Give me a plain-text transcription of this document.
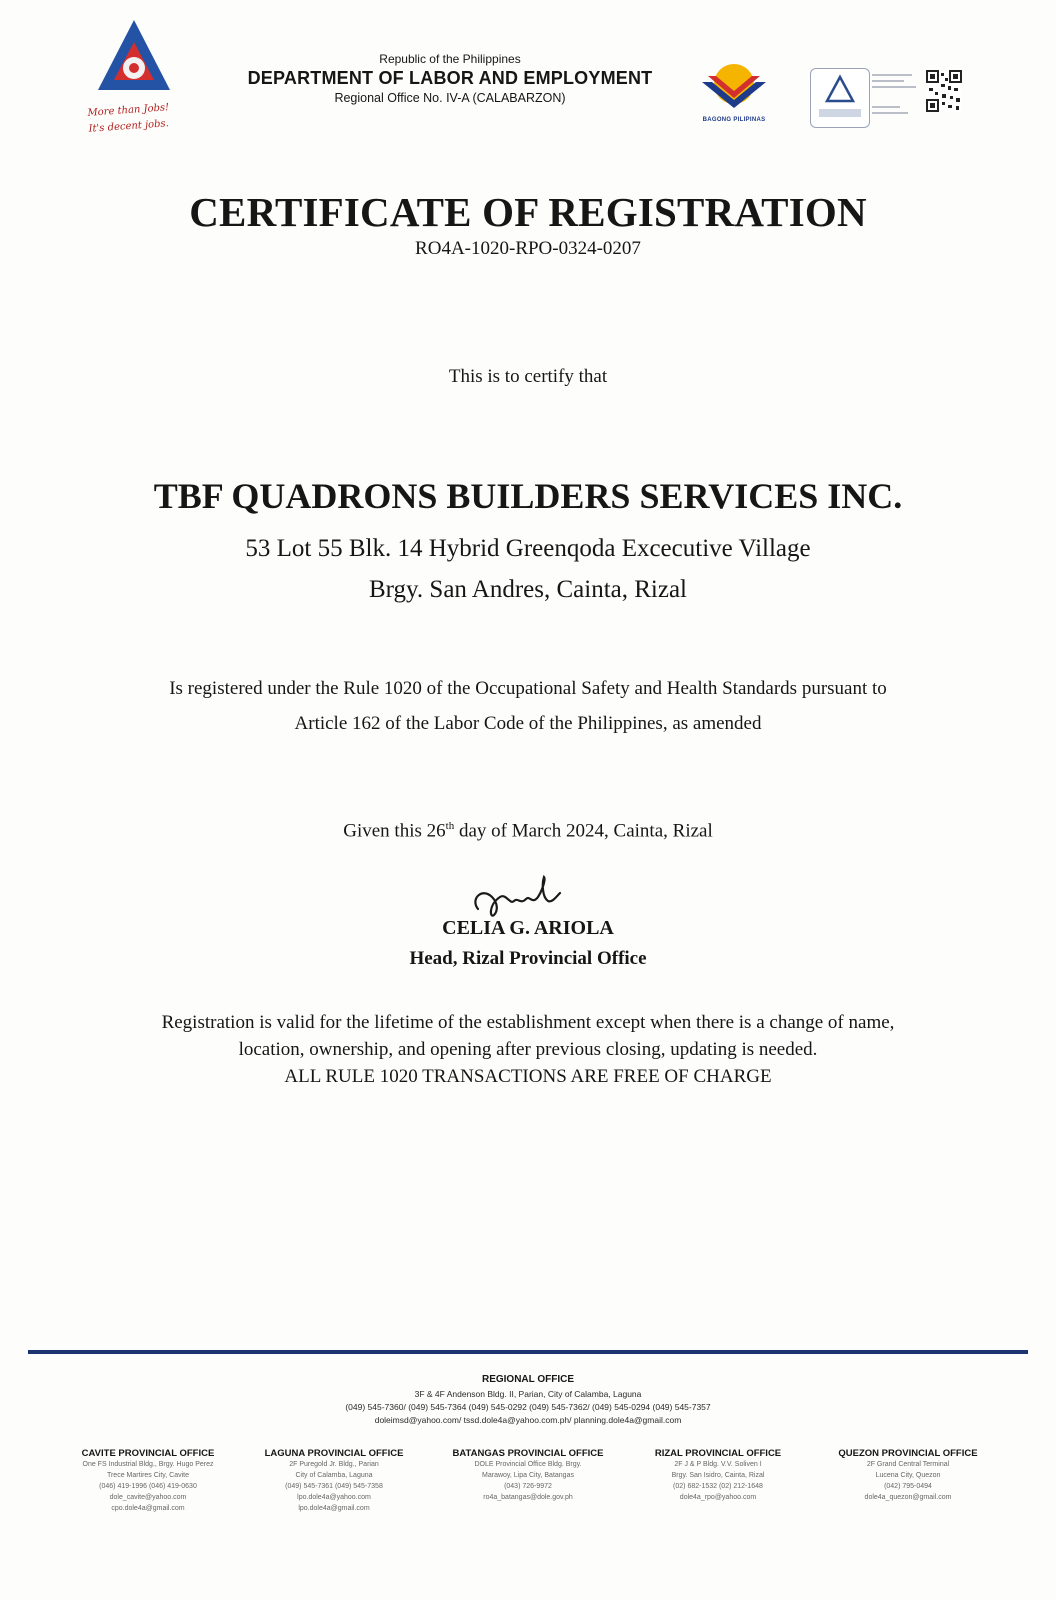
More than Jobs!
It's decent jobs.
Republic of the Philippines
DEPARTMENT OF LABOR AND EMPLOYMENT
Regional Office No. IV-A (CALABARZON)
BAGONG PILIPINAS
CERTIFICATE OF REGISTRATION
RO4A-1020-RPO-0324-0207
This is to certify that
TBF QUADRONS BUILDERS SERVICES INC.
53 Lot 55 Blk. 14 Hybrid Greenqoda Excecutive Village
Brgy. San Andres, Cainta, Rizal
Is registered under the Rule 1020 of the Occupational Safety and Health Standards pursuant to
Article 162 of the Labor Code of the Philippines, as amended
Given this 26th day of March 2024, Cainta, Rizal
CELIA G. ARIOLA
Head, Rizal Provincial Office
Registration is valid for the lifetime of the establishment except when there is a change of name,
location, ownership, and opening after previous closing, updating is needed.
ALL RULE 1020 TRANSACTIONS ARE FREE OF CHARGE
REGIONAL OFFICE
3F & 4F Andenson Bldg. II, Parian, City of Calamba, Laguna
(049) 545-7360/ (049) 545-7364 (049) 545-0292 (049) 545-7362/ (049) 545-0294 (049) 545-7357
doleimsd@yahoo.com/ tssd.dole4a@yahoo.com.ph/ planning.dole4a@gmail.com
CAVITE PROVINCIAL OFFICE
One FS Industrial Bldg., Brgy. Hugo Perez
Trece Martires City, Cavite
(046) 419-1996 (046) 419-0630
dole_cavite@yahoo.com
cpo.dole4a@gmail.com
LAGUNA PROVINCIAL OFFICE
2F Puregold Jr. Bldg., Parian
City of Calamba, Laguna
(049) 545-7361 (049) 545-7358
lpo.dole4a@yahoo.com
lpo.dole4a@gmail.com
BATANGAS PROVINCIAL OFFICE
DOLE Provincial Office Bldg. Brgy.
Marawoy, Lipa City, Batangas
(043) 726-9972
ro4a_batangas@dole.gov.ph
RIZAL PROVINCIAL OFFICE
2F J & P Bldg. V.V. Soliven I
Brgy. San Isidro, Cainta, Rizal
(02) 682-1532 (02) 212-1648
dole4a_rpo@yahoo.com
QUEZON PROVINCIAL OFFICE
2F Grand Central Terminal
Lucena City, Quezon
(042) 795-0494
dole4a_quezon@gmail.com
